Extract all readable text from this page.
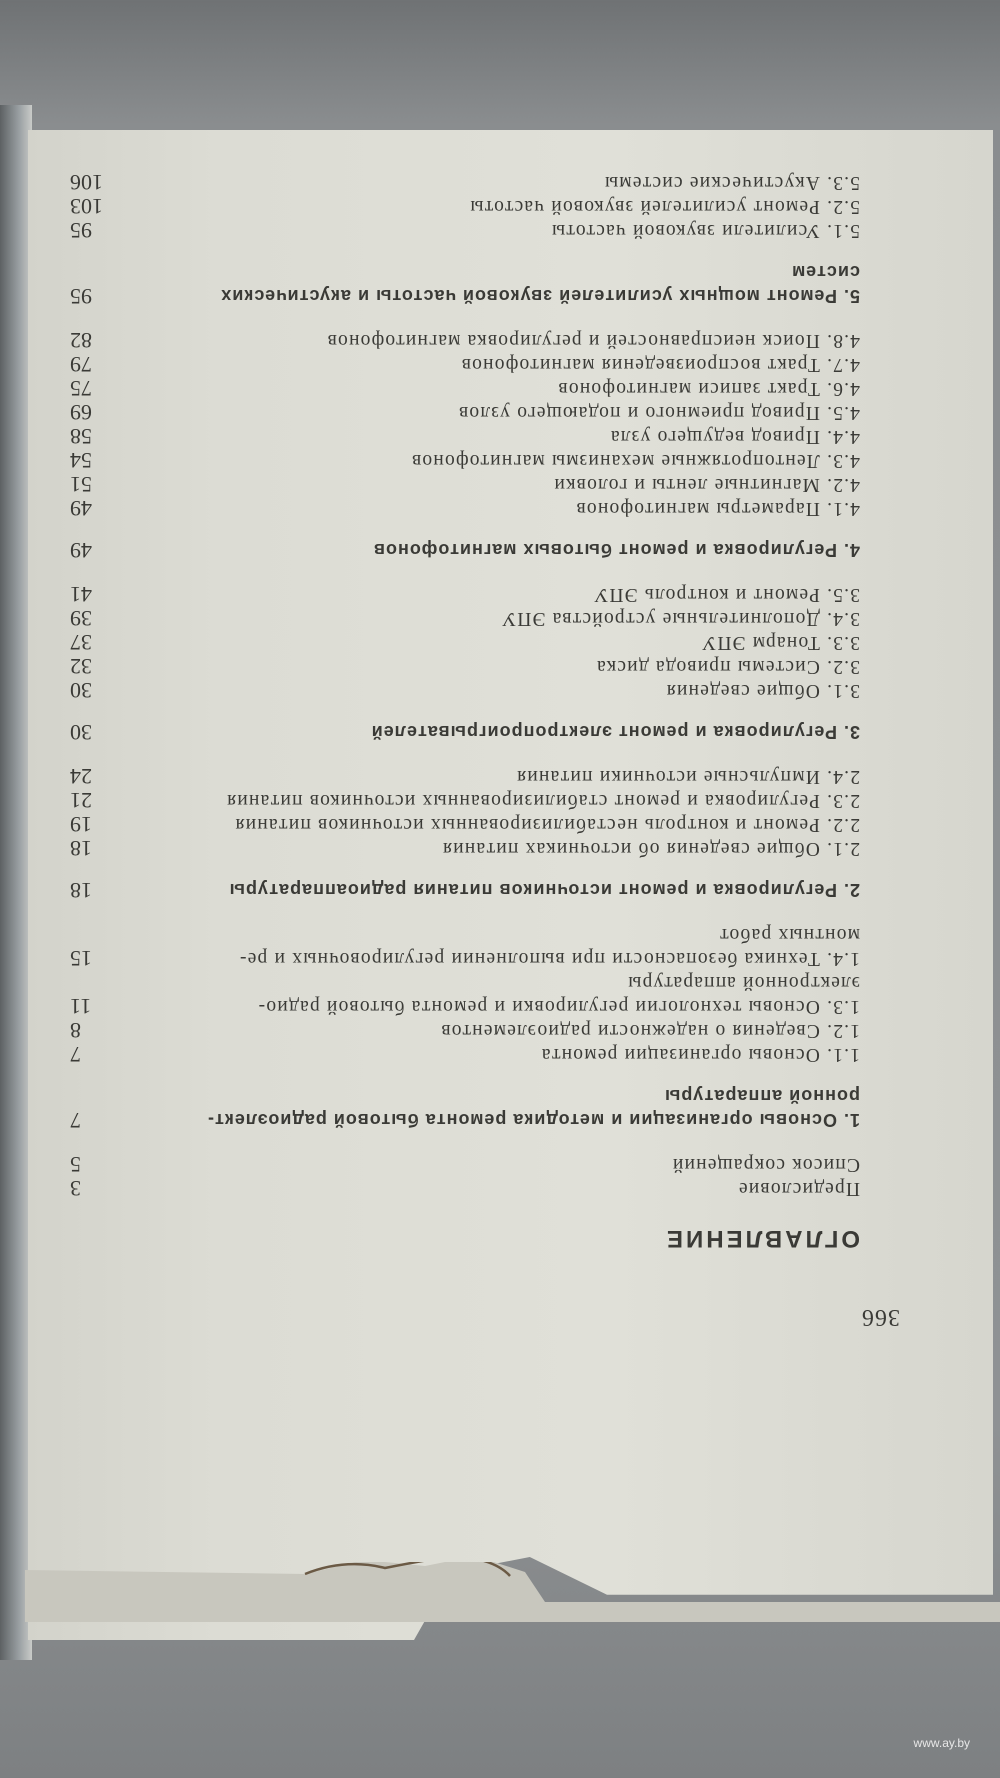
366
ОГЛАВЛЕНИЕ
Предисловие
3
Список сокращений
5
1. Основы организации и методика ремонта бытовой радиоэлект-
ронной аппаратуры
7
1.1. Основы организации ремонта
7
1.2. Сведения о надежности радиоэлементов
8
1.3. Основы технологии регулировки и ремонта бытовой радио-
электронной аппаратуры
11
1.4. Техника безопасности при выполнении регулировочных и ре-
монтных работ
15
2. Регулировка и ремонт источников питания радиоаппаратуры
18
2.1. Общие сведения об источниках питания
18
2.2. Ремонт и контроль нестабилизированных источников питания
19
2.3. Регулировка и ремонт стабилизированных источников питания
21
2.4. Импульсные источники питания
24
3. Регулировка и ремонт электропроигрывателей
30
3.1. Общие сведения
30
3.2. Системы привода диска
32
3.3. Тонарм ЭПУ
37
3.4. Дополнительные устройства ЭПУ
39
3.5. Ремонт и контроль ЭПУ
41
4. Регулировка и ремонт бытовых магнитофонов
49
4.1. Параметры магнитофонов
49
4.2. Магнитные ленты и головки
51
4.3. Лентопротяжные механизмы магнитофонов
54
4.4. Привод ведущего узла
58
4.5. Привод приемного и подающего узлов
69
4.6. Тракт записи магнитофонов
75
4.7. Тракт воспроизведения магнитофонов
79
4.8. Поиск неисправностей и регулировка магнитофонов
82
5. Ремонт мощных усилителей звуковой частоты и акустических
систем
95
5.1. Усилители звуковой частоты
95
5.2. Ремонт усилителей звуковой частоты
103
5.3. Акустические системы
106
www.ay.by
